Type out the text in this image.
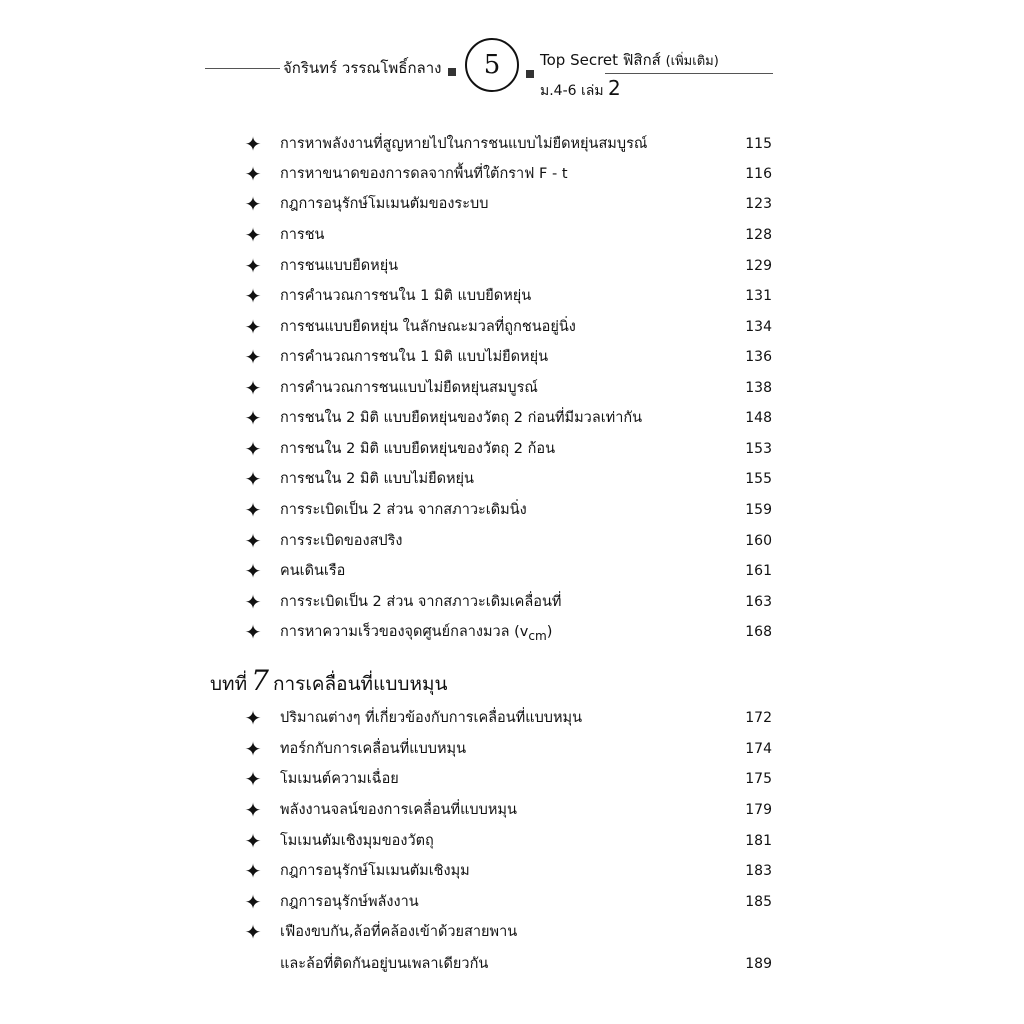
จักรินทร์ วรรณโพธิ์กลาง 5	Top Secret ฟิสิกส์ (เพิ่มเติม)
ม.4-6 เล่ม 2
✦ การหาพลังงานที่สูญหายไปในการชนแบบไม่ยืดหยุ่นสมบูรณ์	115
✦ การหาขนาดของการดลจากพื้นที่ใต้กราฟ F - t	116
✦ กฎการอนุรักษ์โมเมนตัมของระบบ	123
✦ การชน	128
✦ การชนแบบยืดหยุ่น	129
✦ การคำนวณการชนใน 1 มิติ แบบยืดหยุ่น	131
✦ การชนแบบยืดหยุ่น ในลักษณะมวลที่ถูกชนอยู่นิ่ง	134
✦ การคำนวณการชนใน 1 มิติ แบบไม่ยืดหยุ่น	136
✦ การคำนวณการชนแบบไม่ยืดหยุ่นสมบูรณ์	138
✦ การชนใน 2 มิติ แบบยืดหยุ่นของวัตถุ 2 ก่อนที่มีมวลเท่ากัน	148
✦ การชนใน 2 มิติ แบบยืดหยุ่นของวัตถุ 2 ก้อน	153
✦ การชนใน 2 มิติ แบบไม่ยืดหยุ่น	155
✦ การระเบิดเป็น 2 ส่วน จากสภาวะเดิมนิ่ง	159
✦ การระเบิดของสปริง	160
✦ คนเดินเรือ	161
✦ การระเบิดเป็น 2 ส่วน จากสภาวะเดิมเคลื่อนที่	163
✦ การหาความเร็วของจุดศูนย์กลางมวล $(v_{cm})$	168
บทที่ 7 การเคลื่อนที่แบบหมุน
✦ ปริมาณต่างๆ ที่เกี่ยวข้องกับการเคลื่อนที่แบบหมุน	172
✦ ทอร์กกับการเคลื่อนที่แบบหมุน	174
✦ โมเมนต์ความเฉื่อย	175
✦ พลังงานจลน์ของการเคลื่อนที่แบบหมุน	179
✦ โมเมนตัมเชิงมุมของวัตถุ	181
✦ กฎการอนุรักษ์โมเมนตัมเชิงมุม	183
✦ กฎการอนุรักษ์พลังงาน	185
✦ เฟืองขบกัน,ล้อที่คล้องเข้าด้วยสายพาน
และล้อที่ติดกันอยู่บนเพลาเดียวกัน	189
